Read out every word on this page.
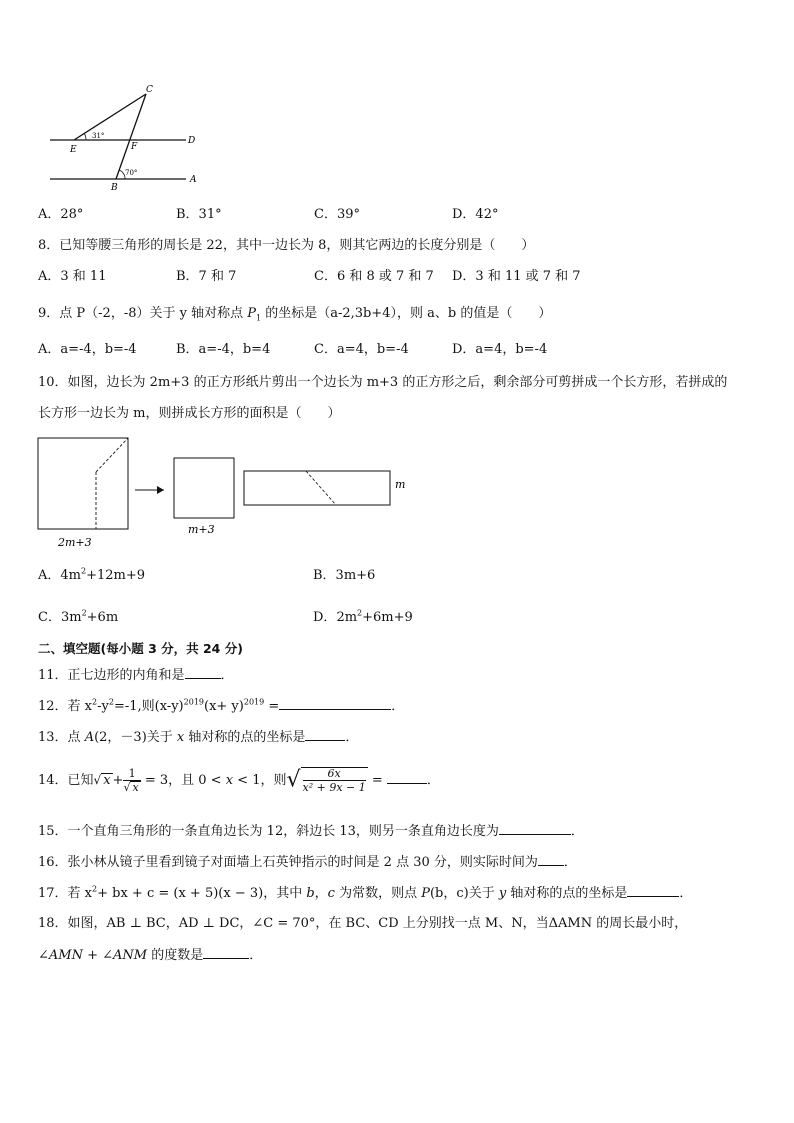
C
D
E	F
B
A
31°
70°
A．28°	B．31°	C．39°	D．42°
8．已知等腰三角形的周长是 22，其中一边长为 8，则其它两边的长度分别是（　　）
A．3 和 11	B．7 和 7	C．6 和 8 或 7 和 7 D．3 和 11 或 7 和 7
9．点 P（-2，-8）关于 y 轴对称点 $P_1$ 的坐标是（a-2,3b+4），则 a、b 的值是（　　）
A．a=-4，b=-4	B．a=-4，b=4	C．a=4，b=-4	D．a=4，b=-4
10．如图，边长为 2m+3 的正方形纸片剪出一个边长为 m+3 的正方形之后，剩余部分可剪拼成一个长方形，若拼成的
长方形一边长为 m，则拼成长方形的面积是（　　）
2m+3
m+3
m
A．$4m^2+12m+9$	B．3m+6
C．$3m^2+6m$	D．$2m^2+6m+9$
二、填空题(每小题 3 分，共 24 分)
11．正七边形的内角和是	．
12．若 $x^2-y^2=-1$,则$(x-y)^{2019}(x+ y)^{2019}$ =	．
13．点 A(2，－3)关于 x 轴对称的点的坐标是	．
14．已知√ $x + \frac{1}{√ x} = 3$，且 0 < x < 1，则√ $\frac{6x}{\text{x² + 9x − 1}}$ =	．
15．一个直角三角形的一条直角边长为 12，斜边长 13，则另一条直角边长度为	．
16．张小林从镜子里看到镜子对面墙上石英钟指示的时间是 2 点 30 分，则实际时间为 ．
17．若 $x^2+$ bx + c = (x + 5)(x − 3)，其中 b，c 为常数，则点 P(b，c)关于 y 轴对称的点的坐标是	．
18．如图，AB ⊥ BC，AD ⊥ DC，∠C = 70°，在 BC、CD 上分别找一点 M、N，当ΔAMN 的周长最小时，
∠AMN + ∠ANM 的度数是	．
